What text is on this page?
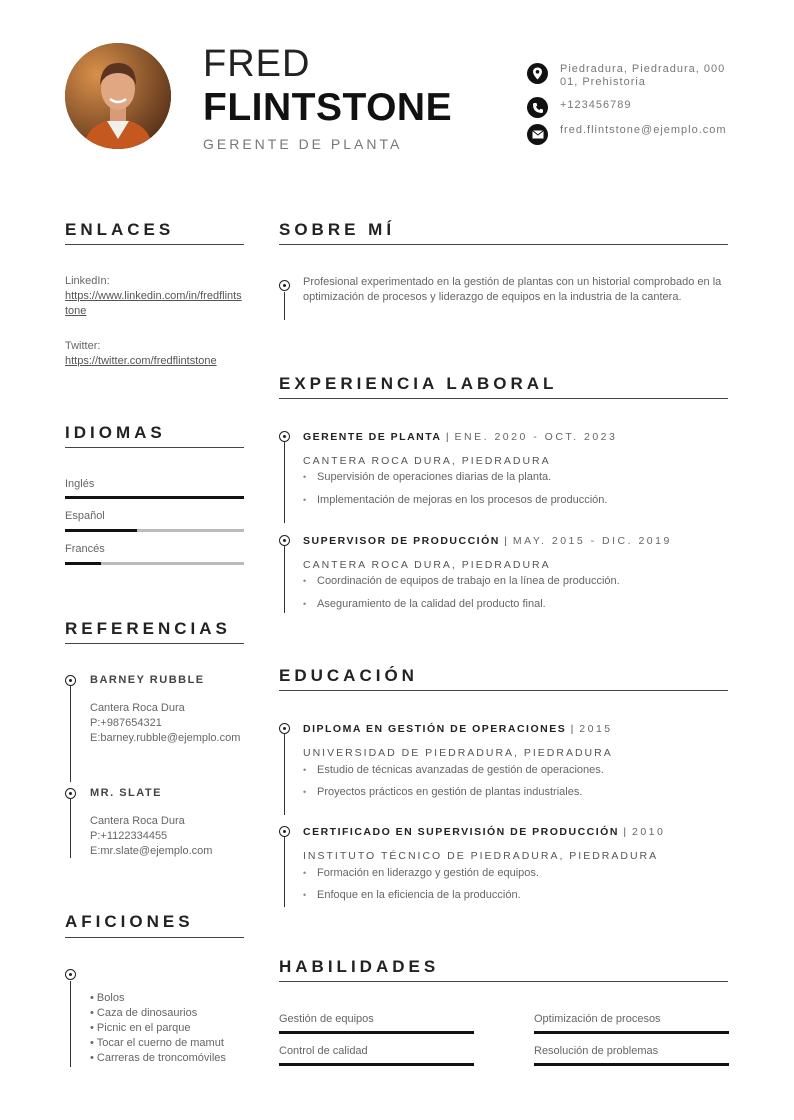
FRED
FLINTSTONE
GERENTE DE PLANTA
Piedradura, Piedradura, 00001, Prehistoria
+123456789
fred.flintstone@ejemplo.com
ENLACES
LinkedIn:
https://www.linkedin.com/in/fredflintstone
Twitter:
https://twitter.com/fredflintstone
IDIOMAS
Inglés
Español
Francés
REFERENCIAS
BARNEY RUBBLE
Cantera Roca Dura
P:+987654321
E:barney.rubble@ejemplo.com
MR. SLATE
Cantera Roca Dura
P:+1122334455
E:mr.slate@ejemplo.com
AFICIONES
• Bolos
• Caza de dinosaurios
• Picnic en el parque
• Tocar el cuerno de mamut
• Carreras de troncomóviles
SOBRE MÍ
Profesional experimentado en la gestión de plantas con un historial comprobado en la optimización de procesos y liderazgo de equipos en la industria de la cantera.
EXPERIENCIA LABORAL
GERENTE DE PLANTA | ENE. 2020 - OCT. 2023
CANTERA ROCA DURA, PIEDRADURA
• Supervisión de operaciones diarias de la planta.
• Implementación de mejoras en los procesos de producción.
SUPERVISOR DE PRODUCCIÓN | MAY. 2015 - DIC. 2019
CANTERA ROCA DURA, PIEDRADURA
• Coordinación de equipos de trabajo en la línea de producción.
• Aseguramiento de la calidad del producto final.
EDUCACIÓN
DIPLOMA EN GESTIÓN DE OPERACIONES | 2015
UNIVERSIDAD DE PIEDRADURA, PIEDRADURA
• Estudio de técnicas avanzadas de gestión de operaciones.
• Proyectos prácticos en gestión de plantas industriales.
CERTIFICADO EN SUPERVISIÓN DE PRODUCCIÓN | 2010
INSTITUTO TÉCNICO DE PIEDRADURA, PIEDRADURA
• Formación en liderazgo y gestión de equipos.
• Enfoque en la eficiencia de la producción.
HABILIDADES
Gestión de equipos	Optimización de procesos
Control de calidad	Resolución de problemas
